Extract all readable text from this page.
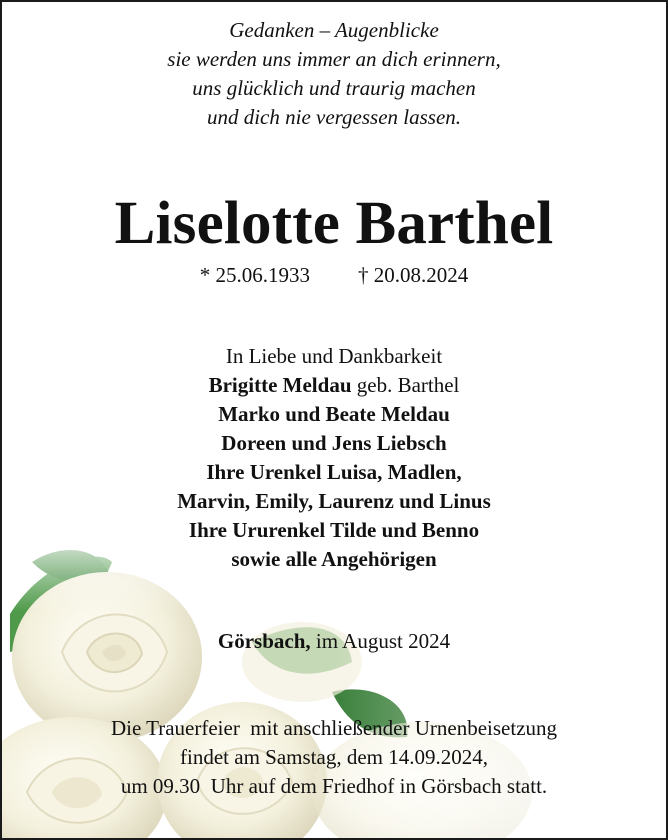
Gedanken – Augenblicke
sie werden uns immer an dich erinnern,
uns glücklich und traurig machen
und dich nie vergessen lassen.
Liselotte Barthel
* 25.06.1933 † 20.08.2024
In Liebe und Dankbarkeit
Brigitte Meldau geb. Barthel
Marko und Beate Meldau
Doreen und Jens Liebsch
Ihre Urenkel Luisa, Madlen,
Marvin, Emily, Laurenz und Linus
Ihre Ururenkel Tilde und Benno
sowie alle Angehörigen
Görsbach, im August 2024
Die Trauerfeier  mit anschließender Urnenbeisetzung
findet am Samstag, dem 14.09.2024,
um 09.30  Uhr auf dem Friedhof in Görsbach statt.
